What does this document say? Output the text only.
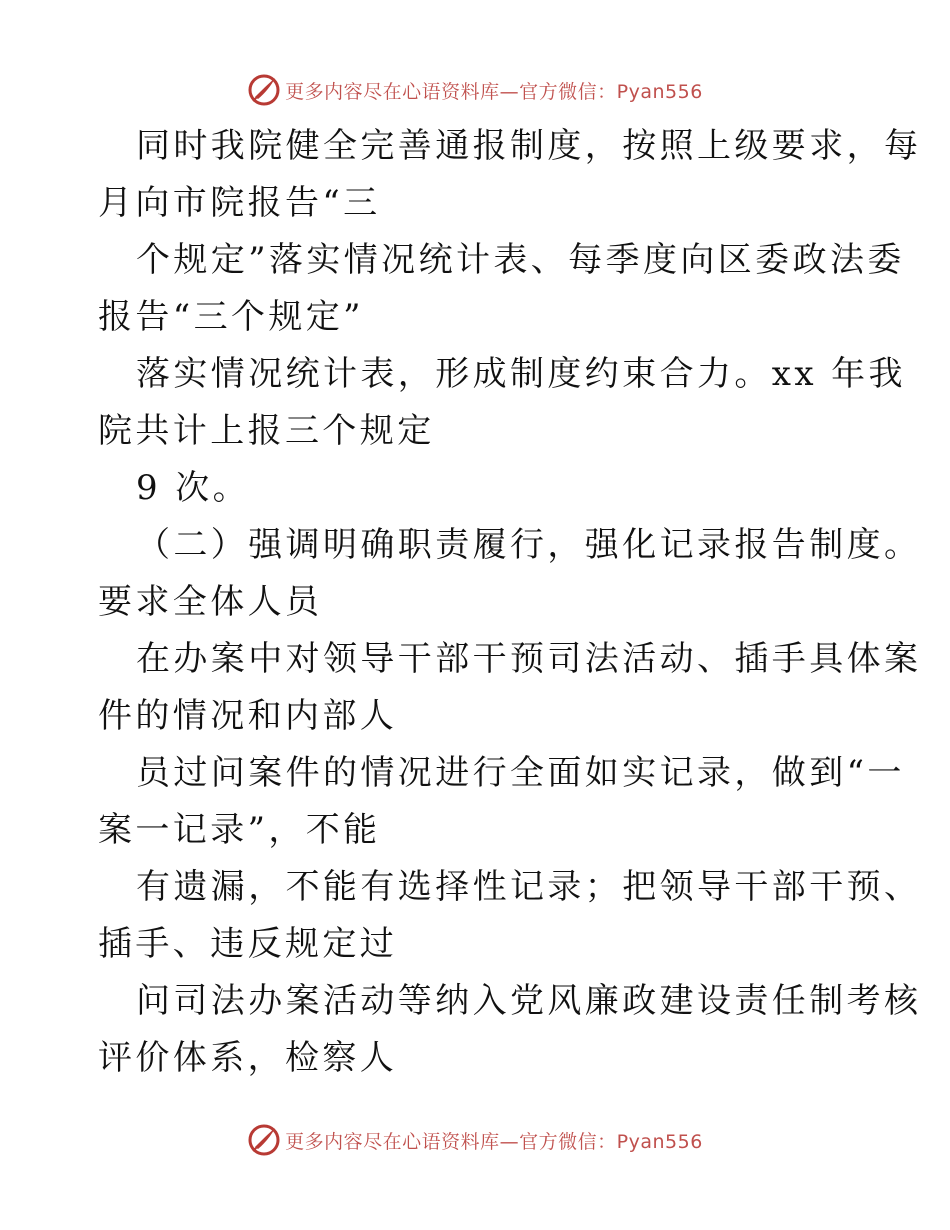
更多内容尽在心语资料库—官方微信：Pyan556
同时我院健全完善通报制度，按照上级要求，每
月向市院报告“三
个规定”落实情况统计表、每季度向区委政法委
报告“三个规定”
落实情况统计表，形成制度约束合力。xx 年我
院共计上报三个规定
9 次。
（二）强调明确职责履行，强化记录报告制度。
要求全体人员
在办案中对领导干部干预司法活动、插手具体案
件的情况和内部人
员过问案件的情况进行全面如实记录，做到“一
案一记录”，不能
有遗漏，不能有选择性记录；把领导干部干预、
插手、违反规定过
问司法办案活动等纳入党风廉政建设责任制考核
评价体系，检察人
更多内容尽在心语资料库—官方微信：Pyan556
